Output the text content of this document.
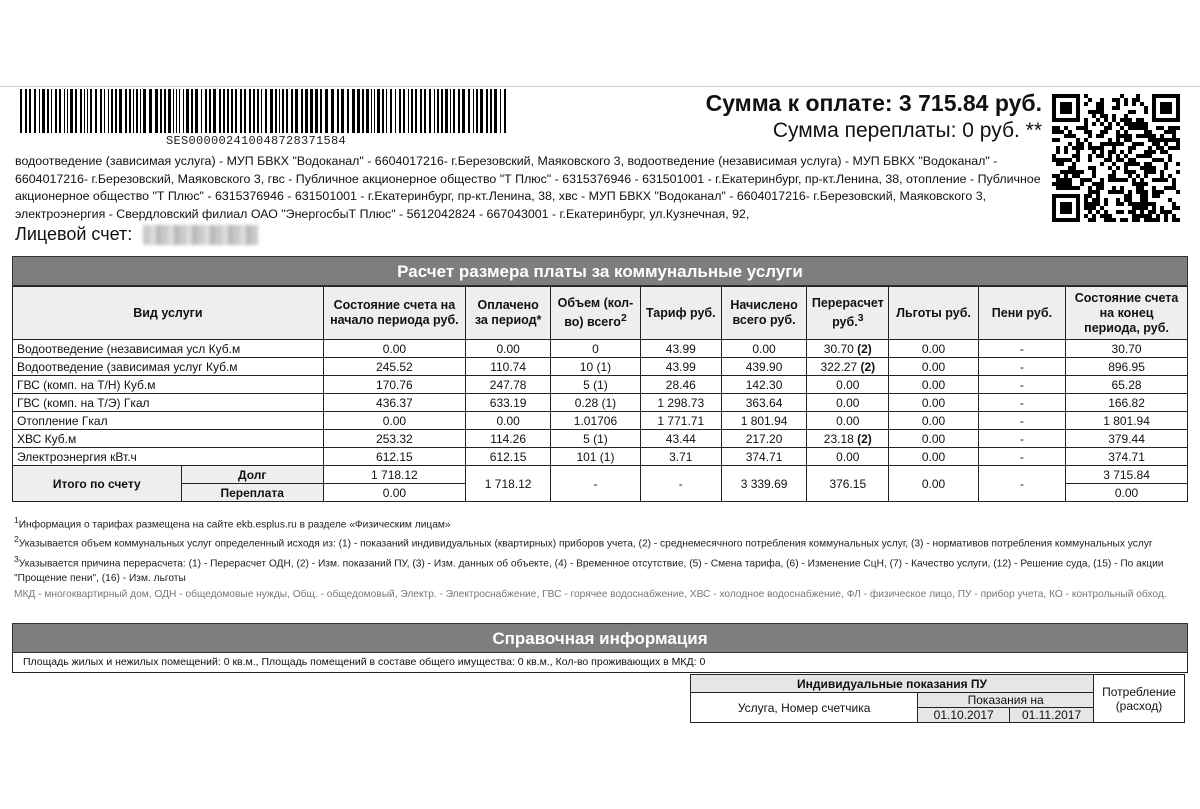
SES00000241004872837158​4
Сумма к оплате: 3 715.84 руб.
Сумма переплаты: 0 руб. **
водоотведение (зависимая услуга) - МУП БВКХ "Водоканал" - 6604017216- г.Березовский, Маяковского 3, водоотведение (независимая услуга) - МУП БВКХ "Водоканал" - 6604017216- г.Березовский, Маяковского 3, гвс - Публичное акционерное общество "Т Плюс" - 6315376946 - 631501001 - г.Екатеринбург, пр-кт.Ленина, 38, отопление - Публичное акционерное общество "Т Плюс" - 6315376946 - 631501001 - г.Екатеринбург, пр-кт.Ленина, 38, хвс - МУП БВКХ "Водоканал" - 6604017216- г.Березовский, Маяковского 3, электроэнергия - Свердловский филиал ОАО "ЭнергосбыТ Плюс" - 5612042824 - 667043001 - г.Екатеринбург, ул.Кузнечная, 92,
Лицевой счет:
Расчет размера платы за коммунальные услуги
Вид услуги		Состояние счета на начало периода руб.	Оплачено за период*	Объем (кол-во) всего$^2$	Тариф руб.	Начислено всего руб.	Перерасчет руб.$^3$	Льготы руб.	Пени руб.	Состояние счета на конец периода, руб.
Водоотведение (независимая усл Куб.м		0.00	0.00	0	43.99	0.00	30.70 (2)	0.00	-	30.70
Водоотведение (зависимая услуг Куб.м		245.52	110.74	10 (1)	43.99	439.90	322.27 (2)	0.00	-	896.95
ГВС (комп. на Т/Н) Куб.м		170.76	247.78	5 (1)	28.46	142.30	0.00	0.00	-	65.28
ГВС (комп. на Т/Э) Гкал		436.37	633.19	0.28 (1)	1 298.73	363.64	0.00	0.00	-	166.82
Отопление Гкал		0.00	0.00	1.01706	1 771.71	1 801.94	0.00	0.00	-	1 801.94
ХВС Куб.м		253.32	114.26	5 (1)	43.44	217.20	23.18 (2)	0.00	-	379.44
Электроэнергия кВт.ч		612.15	612.15	101 (1)	3.71	374.71	0.00	0.00	-	374.71
Итого по счету	Долг	1 718.12	1 718.12	-	-	3 339.69	376.15	0.00	-	3 715.84
	Переплата	0.00								0.00

$^1$Информация о тарифах размещена на сайте ekb.esplus.ru в разделе «Физическим лицам»

$^2$Указывается объем коммунальных услуг определенный исходя из: (1) - показаний индивидуальных (квартирных) приборов учета, (2) - среднемесячного потребления коммунальных услуг, (3) - нормативов потребления коммунальных услуг

$^3$Указывается причина перерасчета: (1) - Перерасчет ОДН, (2) - Изм. показаний ПУ, (3) - Изм. данных об объекте, (4) - Временное отсутствие, (5) - Смена тарифа, (6) - Изменение СцН, (7) - Качество услуги, (12) - Решение суда, (15) - По акции "Прощение пени", (16) - Изм. льготы

МКД - многоквартирный дом, ОДН - общедомовые нужды, Общ. - общедомовый, Электр. - Электроснабжение, ГВС - горячее водоснабжение, ХВС - холодное водоснабжение, ФЛ - физическое лицо, ПУ - прибор учета, КО - контрольный обход.

Справочная информация
Площадь жилых и нежилых помещений: 0 кв.м., Площадь помещений в составе общего имущества: 0 кв.м., Кол-во проживающих в МКД: 0
Индивидуальные показания ПУ			Потребление (расход)
Услуга, Номер счетчика	Показания на		
	01.10.2017	01.11.2017	
